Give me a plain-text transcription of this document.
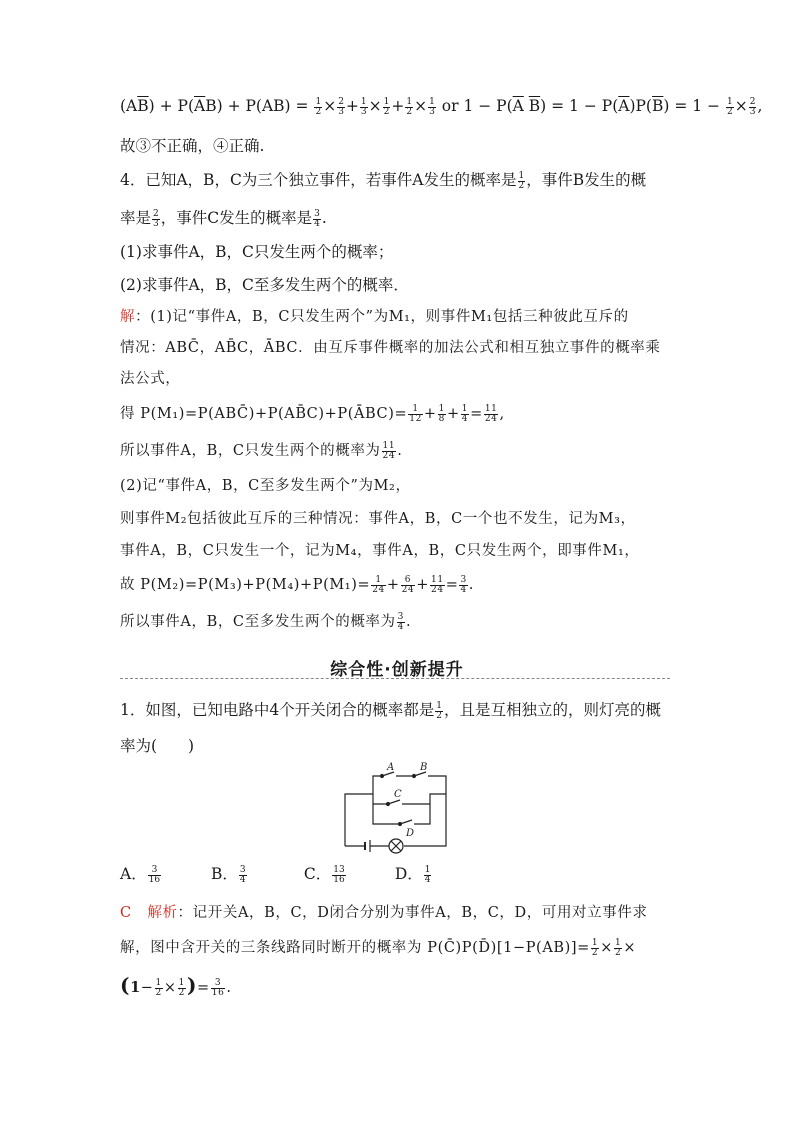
$(A\overline{B}) + P(\overline{A}B) + P(AB) = \frac{1}{2} \times \frac{2}{3} + \frac{1}{3} \times \frac{1}{2} + \frac{1}{2} \times \frac{1}{3}$ or $1 - P(\overline{A}$ $\overline{B}) = 1 - P(\overline{A})P(\overline{B}) = 1 - \frac{1}{2} \times \frac{2}{3}$ ,
故③不正确，④正确.
4．已知A，B，C为三个独立事件，若事件A发生的概率是 $\frac{1}{2}$ ，事件B发生的概
率是 $\frac{2}{3}$ ，事件C发生的概率是 $\frac{3}{4}$ .
(1)求事件A，B，C只发生两个的概率；
(2)求事件A，B，C至多发生两个的概率．
解：(1)记“事件A，B，C只发生两个”为M₁，则事件M₁包括三种彼此互斥的
情况：ABC̄，AB̄C，ĀBC．由互斥事件概率的加法公式和相互独立事件的概率乘
法公式，
得 P(M₁)=P(ABC̄)+P(AB̄C)+P(ĀBC)= $\frac{1}{12} + \frac{1}{8} + \frac{1}{4} = \frac{11}{24}$ ,
所以事件A，B，C只发生两个的概率为 $\frac{11}{24}$ .
(2)记“事件A，B，C至多发生两个”为M₂，
则事件M₂包括彼此互斥的三种情况：事件A，B，C一个也不发生，记为M₃，
事件A，B，C只发生一个，记为M₄，事件A，B，C只发生两个，即事件M₁，
故 $P(M_2)=P(M_3)+P(M_4)+P(M_1)= \frac{1}{24} + \frac{6}{24} + \frac{11}{24} = \frac{3}{4}$ .
所以事件A，B，C至多发生两个的概率为 $\frac{3}{4}$ .
综合性·创新提升
1．如图，已知电路中4个开关闭合的概率都是 $\frac{1}{2}$ ，且是互相独立的，则灯亮的概
率为(　　)
A	B
C
D
A． $\frac{3}{16}$	B． $\frac{3}{4}$	C． $\frac{13}{16}$	D． $\frac{1}{4}$
C 解析：记开关A，B，C，D闭合分别为事件A，B，C，D，可用对立事件求
解，图中含开关的三条线路同时断开的概率为 P(C̄)P(D̄)[1−P(AB)]= $\frac{1}{2} \times \frac{1}{2}$ ×
($1- \frac{1}{2} \times \frac{1}{2}$ )= $\frac{3}{16}$ .
